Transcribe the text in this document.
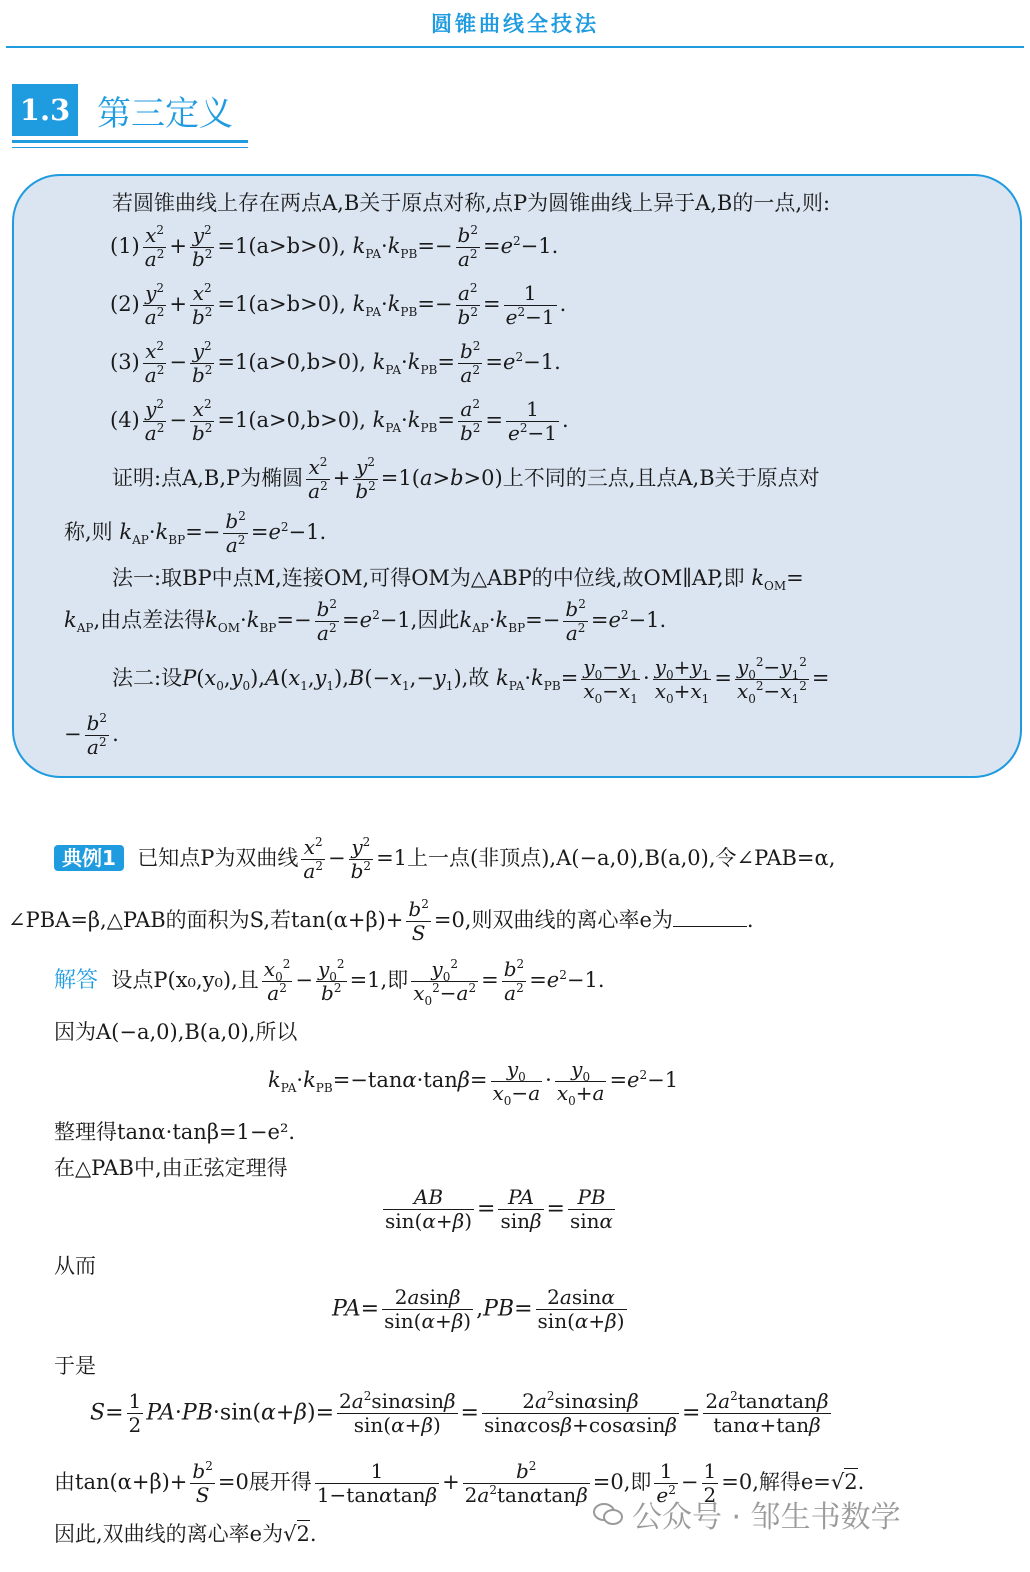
圆锥曲线全技法
1.3 第三定义
若圆锥曲线上存在两点A,B关于原点对称,点P为圆锥曲线上异于A,B的一点,则:
$(1) \frac{x^2}{a^2} + \frac{y^2}{b^2} =1(a>b>0)$, $k_{PA}\cdot k_{PB}=- \frac{b^2}{a^2} =e^2-1$.
$(2) \frac{y^2}{a^2} + \frac{x^2}{b^2} =1(a>b>0)$, $k_{PA}\cdot k_{PB}=- \frac{a^2}{b^2} = \frac{1}{e^2-1}$ .
$(3) \frac{x^2}{a^2} - \frac{y^2}{b^2} =1(a>0,b>0)$, $k_{PA}\cdot k_{PB}= \frac{b^2}{a^2} =e^2-1$.
$(4) \frac{y^2}{a^2} - \frac{x^2}{b^2} =1(a>0,b>0)$, $k_{PA}\cdot k_{PB}= \frac{a^2}{b^2} = \frac{1}{e^2-1}$ .
证明:点A,B,P为椭圆 $\frac{x^2}{a^2} + \frac{y^2}{b^2} =1(a>b>0)$上不同的三点,且点A,B关于原点对
称,则 $k_{AP}\cdot k_{BP}=- \frac{b^2}{a^2} =e^2-1$.
法一:取BP中点M,连接OM,可得OM为△ABP的中位线,故OM∥AP,即 $k_{OM}=$
$k_{AP}$,由点差法得$k_{OM}\cdot k_{BP}=- \frac{b^2}{a^2} =e^2-1$,因此$k_{AP}\cdot k_{BP}=- \frac{b^2}{a^2} =e^2-1$.
法二:设$P(x_0,y_0),A(x_1,y_1),B(-x_1,-y_1)$,故 $k_{PA}\cdot k_{PB}= \frac{y_0-y_1}{x_0-x_1} \cdot \frac{y_0+y_1}{x_0+x_1} = \frac{y_0^2-y_1^2}{x_0^2-x_1^2}$ =
− $\frac{b^2}{a^2}$ .
典例1 已知点P为双曲线 $\frac{x^2}{a^2} - \frac{y^2}{b^2} =1$上一点(非顶点),A(−a,0),B(a,0),令∠PAB=α,
∠PBA=β,△PAB的面积为S,若$\tan(\alpha+\beta)+ \frac{b^2}{S} =0$,则双曲线的离心率e为	.
解答 设点P(x₀,y₀),且 $\frac{x_0^2}{a^2} - \frac{y_0^2}{b^2} =1$,即 $\frac{y_0^2}{x_0^2-a^2} = \frac{b^2}{a^2} =e^2-1$.
因为A(−a,0),B(a,0),所以
$k_{PA}\cdot k_{PB}=-\tan\alpha\cdot\tan\beta= \frac{y_0}{x_0-a} \cdot \frac{y_0}{x_0+a} =e^2-1$
整理得tanα·tanβ=1−e².
在△PAB中,由正弦定理得
$\frac{AB}{\sin(\alpha+\beta)} = \frac{PA}{\sin\beta} = \frac{PB}{\sin\alpha}$
从而
$PA= \frac{2asin\beta}{\sin(\alpha+\beta)} ,PB= \frac{2asin\alpha}{\sin(\alpha+\beta)}$
于是
$S= \frac{1}{2} PA\cdot PB\cdot\sin(\alpha+\beta)= \frac{2a^2\sin\alpha\sin\beta}{\sin(\alpha+\beta)} = \frac{2a^2\sin\alpha\sin\beta}{\sin\alpha\cos\beta+\cos\alpha\sin\beta} = \frac{2a^2\tan\alpha\tan\beta}{\tan\alpha+\tan\beta}$
由$\tan(\alpha+\beta)+ \frac{b^2}{S} =0$展开得 $\frac{1}{1-\tan\alpha\tan\beta} + \frac{b^2}{2a^2\tan\alpha\tan\beta} =0$,即 $\frac{1}{e^2} - \frac{1}{2} =0$,解得e=√2.
因此,双曲线的离心率e为√2.	公众号 · 邹生书数学
